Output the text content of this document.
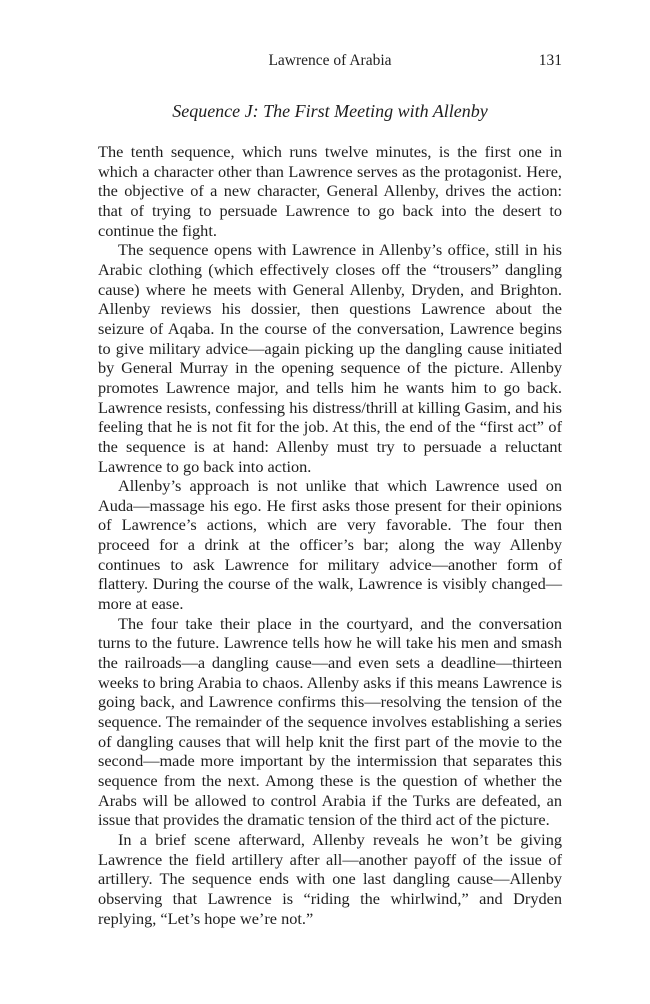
Lawrence of Arabia	131
Sequence J: The First Meeting with Allenby

The tenth sequence, which runs twelve minutes, is the first one in which a character other than Lawrence serves as the protagonist. Here, the objective of a new character, General Allenby, drives the action: that of trying to persuade Lawrence to go back into the desert to continue the fight.

The sequence opens with Lawrence in Allenby’s office, still in his Arabic clothing (which effectively closes off the “trousers” dangling cause) where he meets with General Allenby, Dryden, and Brighton. Allenby reviews his dossier, then questions Lawrence about the seizure of Aqaba. In the course of the conversation, Lawrence begins to give military advice—again picking up the dangling cause initiated by General Murray in the opening sequence of the picture. Allenby promotes Lawrence major, and tells him he wants him to go back. Lawrence resists, confessing his distress/thrill at killing Gasim, and his feeling that he is not fit for the job. At this, the end of the “first act” of the sequence is at hand: Allenby must try to persuade a reluctant Lawrence to go back into action.

Allenby’s approach is not unlike that which Lawrence used on Auda—massage his ego. He first asks those present for their opinions of Lawrence’s actions, which are very favorable. The four then proceed for a drink at the officer’s bar; along the way Allenby continues to ask Lawrence for military advice—another form of flattery. During the course of the walk, Lawrence is visibly changed—more at ease.

The four take their place in the courtyard, and the conversation turns to the future. Lawrence tells how he will take his men and smash the railroads—a dangling cause—and even sets a deadline—thirteen weeks to bring Arabia to chaos. Allenby asks if this means Lawrence is going back, and Lawrence confirms this—resolving the tension of the sequence. The remainder of the sequence involves establishing a series of dangling causes that will help knit the first part of the movie to the second—made more important by the intermission that separates this sequence from the next. Among these is the question of whether the Arabs will be allowed to control Arabia if the Turks are defeated, an issue that provides the dramatic tension of the third act of the picture.

In a brief scene afterward, Allenby reveals he won’t be giving Lawrence the field artillery after all—another payoff of the issue of artillery. The sequence ends with one last dangling cause—Allenby observing that Lawrence is “riding the whirlwind,” and Dryden replying, “Let’s hope we’re not.”
